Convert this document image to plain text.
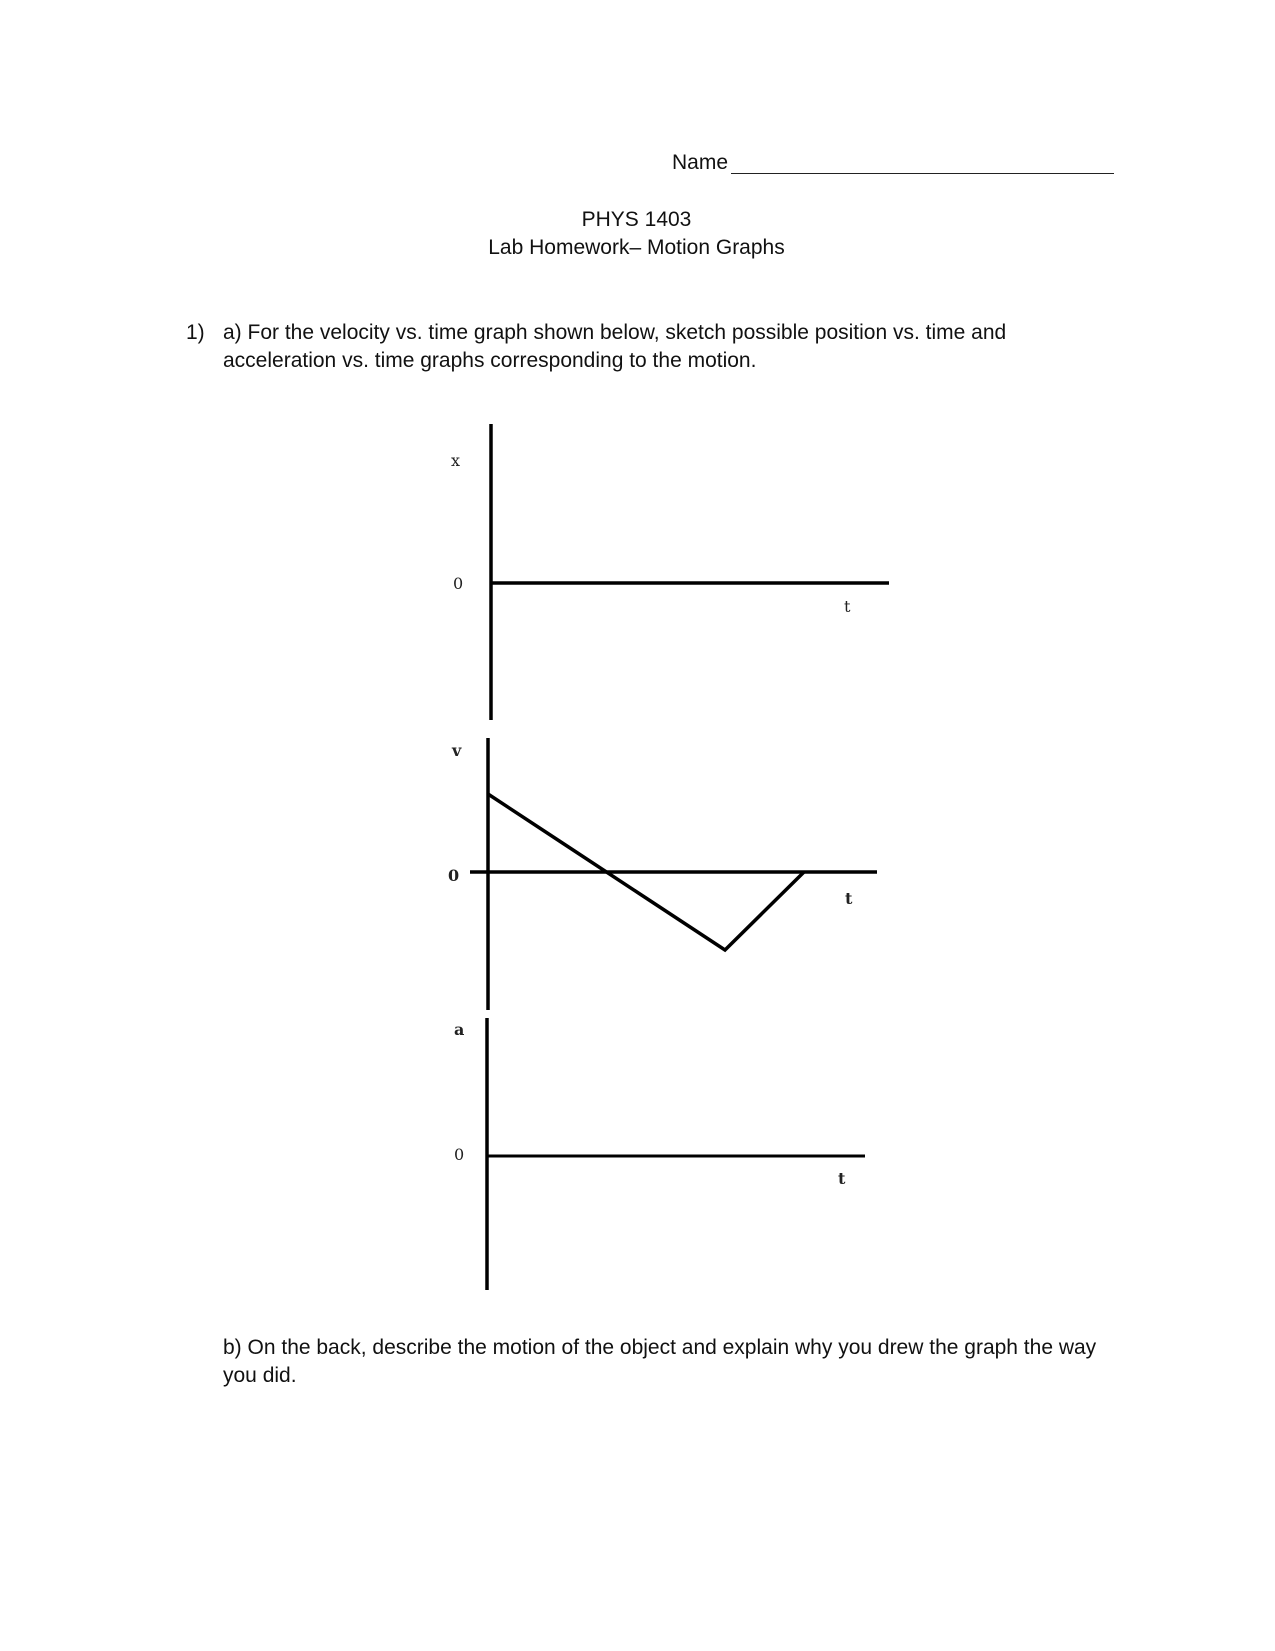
Name
PHYS 1403
Lab Homework– Motion Graphs
1) a) For the velocity vs. time graph shown below, sketch possible position vs. time and
acceleration vs. time graphs corresponding to the motion.
x
0
t
v
0
t
a
0
t
b) On the back, describe the motion of the object and explain why you drew the graph the way
you did.
